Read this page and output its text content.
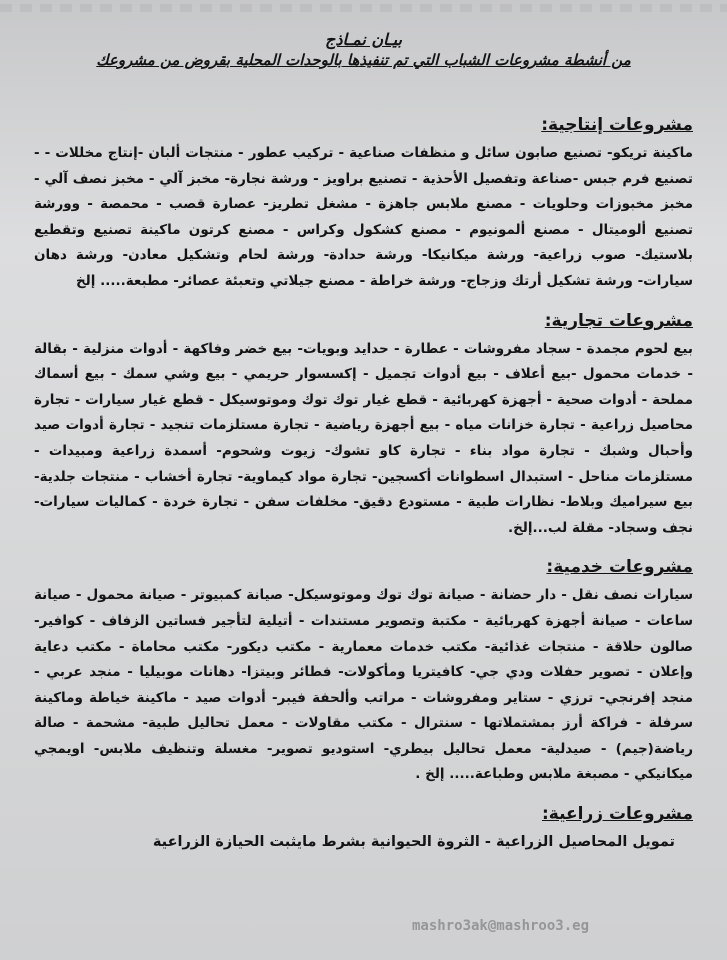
بيـان نمـاذج
من أنشطة مشروعات الشباب التي تم تنفيذها بالوحدات المحلية بقروض من مشروعك
مشروعات إنتاجية:
ماكينة تريكو- تصنيع صابون سائل و منظفات صناعية - تركيب عطور - منتجات ألبان -إنتاج مخللات - - تصنيع فرم جبس -صناعة وتفصيل الأحذية - تصنيع براويز - ورشة نجارة- مخبز آلي - مخبز نصف آلي - مخبز مخبوزات وحلويات - مصنع ملابس جاهزة - مشغل تطريز- عصارة قصب - محمصة - وورشة تصنيع ألوميتال - مصنع ألمونيوم - مصنع كشكول وكراس - مصنع كرتون ماكينة تصنيع وتقطيع بلاستيك- صوب زراعية- ورشة ميكانيكا- ورشة حدادة- ورشة لحام وتشكيل معادن- ورشة دهان سيارات- ورشة تشكيل أرتك وزجاج- ورشة خراطة - مصنع جيلاتي وتعبئة عصائر- مطبعة..... إلخ
مشروعات تجارية:
بيع لحوم مجمدة - سجاد مفروشات - عطارة - حدايد وبويات- بيع خضر وفاكهة - أدوات منزلية - بقالة - خدمات محمول -بيع أعلاف - بيع أدوات تجميل - إكسسوار حريمي - بيع وشي سمك - بيع أسماك مملحة - أدوات صحية - أجهزة كهربائية - قطع غيار توك توك وموتوسيكل - قطع غيار سيارات - تجارة محاصيل زراعية - تجارة خزانات مياه - بيع أجهزة رياضية - تجارة مستلزمات تنجيد - تجارة أدوات صيد وأحبال وشبك - تجارة مواد بناء - تجارة كاو تشوك- زيوت وشحوم- أسمدة زراعية ومبيدات - مستلزمات مناحل - استبدال اسطوانات أكسجين- تجارة مواد كيماوية- تجارة أخشاب - منتجات جلدية- بيع سيراميك وبلاط- نظارات طبية - مستودع دقيق- مخلفات سفن - تجارة خردة - كماليات سيارات- نجف وسجاد- مقلة لب...إلخ.
مشروعات خدمية:
سيارات نصف نقل - دار حضانة - صيانة توك توك وموتوسيكل- صيانة كمبيوتر - صيانة محمول - صيانة ساعات - صيانة أجهزة كهربائية - مكتبة وتصوير مستندات - أتيلية لتأجير فساتين الزفاف - كوافير- صالون حلاقة - منتجات غذائية- مكتب خدمات معمارية - مكتب ديكور- مكتب محاماة - مكتب دعاية وإعلان - تصوير حفلات ودي جي- كافيتريا ومأكولات- فطائر وبيتزا- دهانات موبيليا - منجد عربي - منجد إفرنجي- ترزي - ستاير ومفروشات - مراتب وألحفة فيبر- أدوات صيد - ماكينة خياطة وماكينة سرفلة - فراكة أرز بمشتملاتها - سنترال - مكتب مقاولات - معمل تحاليل طبية- مشحمة - صالة رياضة(جيم) - صيدلية- معمل تحاليل بيطري- استوديو تصوير- مغسلة وتنظيف ملابس- اويمجي ميكانيكي - مصبغة ملابس وطباعة..... إلخ .
مشروعات زراعية:
تمويل المحاصيل الزراعية - الثروة الحيوانية بشرط مايثبت الحيازة الزراعية
mashro3ak@mashroo3.eg
